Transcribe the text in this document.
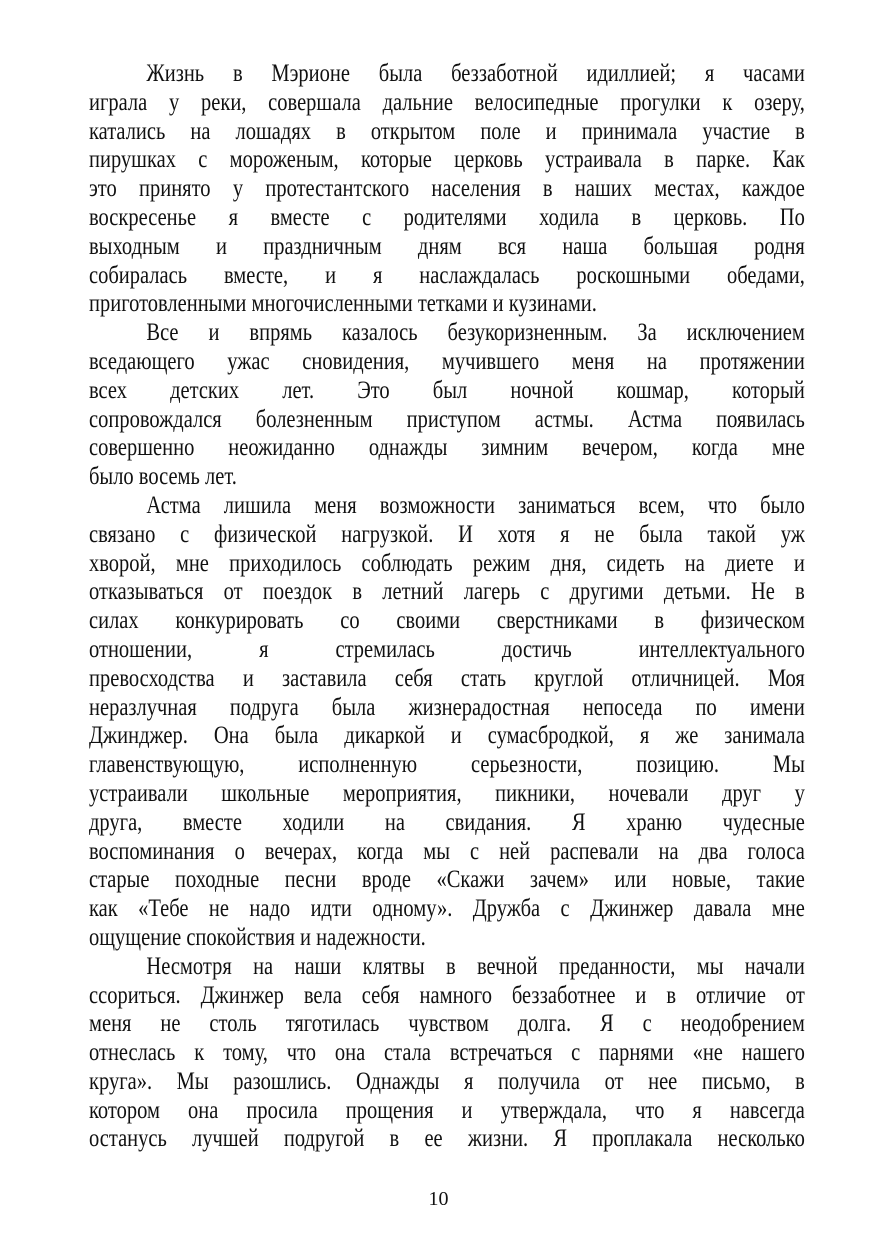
Жизнь в Мэрионе была беззаботной идиллией; я часами
играла у реки, совершала дальние велосипедные прогулки к озеру,
катались на лошадях в открытом поле и принимала участие в
пирушках с мороженым, которые церковь устраивала в парке. Как
это принято у протестантского населения в наших местах, каждое
воскресенье я вместе с родителями ходила в церковь. По
выходным и праздничным дням вся наша большая родня
собиралась вместе, и я наслаждалась роскошными обедами,
приготовленными многочисленными тетками и кузинами.
Все и впрямь казалось безукоризненным. За исключением
вседающего ужас сновидения, мучившего меня на протяжении
всех детских лет. Это был ночной кошмар, который
сопровождался болезненным приступом астмы. Астма появилась
совершенно неожиданно однажды зимним вечером, когда мне
было восемь лет.
Астма лишила меня возможности заниматься всем, что было
связано с физической нагрузкой. И хотя я не была такой уж
хворой, мне приходилось соблюдать режим дня, сидеть на диете и
отказываться от поездок в летний лагерь с другими детьми. Не в
силах конкурировать со своими сверстниками в физическом
отношении, я стремилась достичь интеллектуального
превосходства и заставила себя стать круглой отличницей. Моя
неразлучная подруга была жизнерадостная непоседа по имени
Джинджер. Она была дикаркой и сумасбродкой, я же занимала
главенствующую, исполненную серьезности, позицию. Мы
устраивали школьные мероприятия, пикники, ночевали друг у
друга, вместе ходили на свидания. Я храню чудесные
воспоминания о вечерах, когда мы с ней распевали на два голоса
старые походные песни вроде «Скажи зачем» или новые, такие
как «Тебе не надо идти одному». Дружба с Джинжер давала мне
ощущение спокойствия и надежности.
Несмотря на наши клятвы в вечной преданности, мы начали
ссориться. Джинжер вела себя намного беззаботнее и в отличие от
меня не столь тяготилась чувством долга. Я с неодобрением
отнеслась к тому, что она стала встречаться с парнями «не нашего
круга». Мы разошлись. Однажды я получила от нее письмо, в
котором она просила прощения и утверждала, что я навсегда
останусь лучшей подругой в ее жизни. Я проплакала несколько
10
